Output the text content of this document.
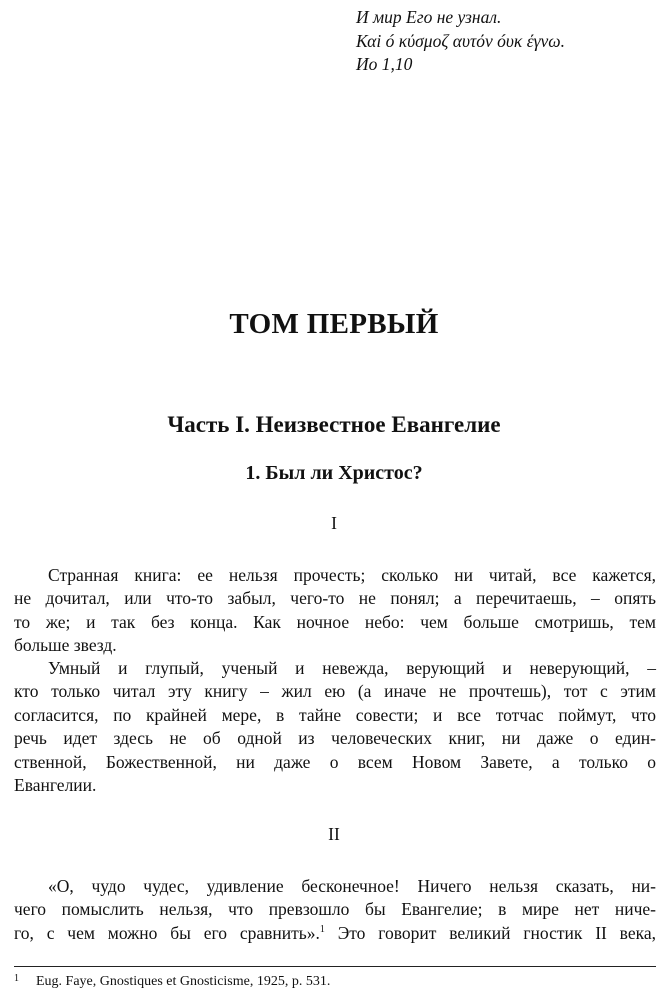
И мир Его не узнал.
Καi ó κύσμοζ αυτόν óυκ έγνω.
Ио 1,10
ТОМ ПЕРВЫЙ
Часть I. Неизвестное Евангелие
1. Был ли Христос?
I
Странная книга: ее нельзя прочесть; сколько ни читай, все кажется,
не дочитал, или что-то забыл, чего-то не понял; а перечитаешь, – опять
то же; и так без конца. Как ночное небо: чем больше смотришь, тем
больше звезд.
Умный и глупый, ученый и невежда, верующий и неверующий, –
кто только читал эту книгу – жил ею (а иначе не прочтешь), тот с этим
согласится, по крайней мере, в тайне совести; и все тотчас поймут, что
речь идет здесь не об одной из человеческих книг, ни даже о един-
ственной, Божественной, ни даже о всем Новом Завете, а только о
Евангелии.
II
«О, чудо чудес, удивление бесконечное! Ничего нельзя сказать, ни-
чего помыслить нельзя, что превзошло бы Евангелие; в мире нет ниче-
го, с чем можно бы его сравнить».$^1$ Это говорит великий гностик II века,
1 Eug. Faye, Gnostiques et Gnosticisme, 1925, p. 531.
